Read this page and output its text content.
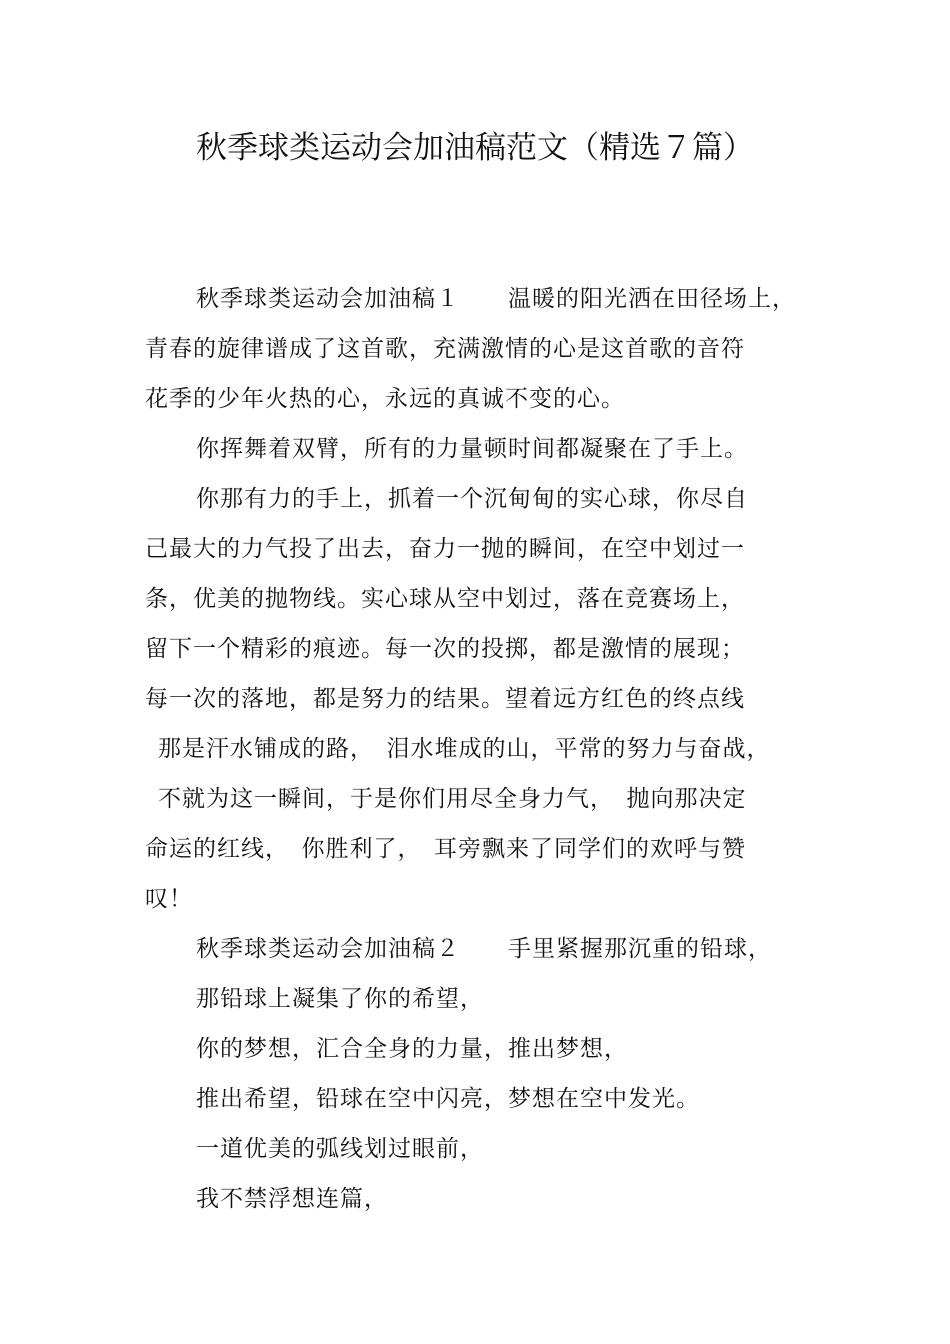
秋季球类运动会加油稿范文（精选７篇）
秋季球类运动会加油稿１　　温暖的阳光洒在田径场上，
青春的旋律谱成了这首歌，充满激情的心是这首歌的音符
花季的少年火热的心，永远的真诚不变的心。
你挥舞着双臂，所有的力量顿时间都凝聚在了手上。
你那有力的手上，抓着一个沉甸甸的实心球，你尽自
己最大的力气投了出去，奋力一抛的瞬间，在空中划过一
条，优美的抛物线。实心球从空中划过，落在竞赛场上，
留下一个精彩的痕迹。每一次的投掷，都是激情的展现；
每一次的落地，都是努力的结果。望着远方红色的终点线
那是汗水铺成的路，　泪水堆成的山，平常的努力与奋战，
不就为这一瞬间，于是你们用尽全身力气，　抛向那决定
命运的红线，　你胜利了，　耳旁飘来了同学们的欢呼与赞
叹！
秋季球类运动会加油稿２　　手里紧握那沉重的铅球，
那铅球上凝集了你的希望，
你的梦想，汇合全身的力量，推出梦想，
推出希望，铅球在空中闪亮，梦想在空中发光。
一道优美的弧线划过眼前，
我不禁浮想连篇，
